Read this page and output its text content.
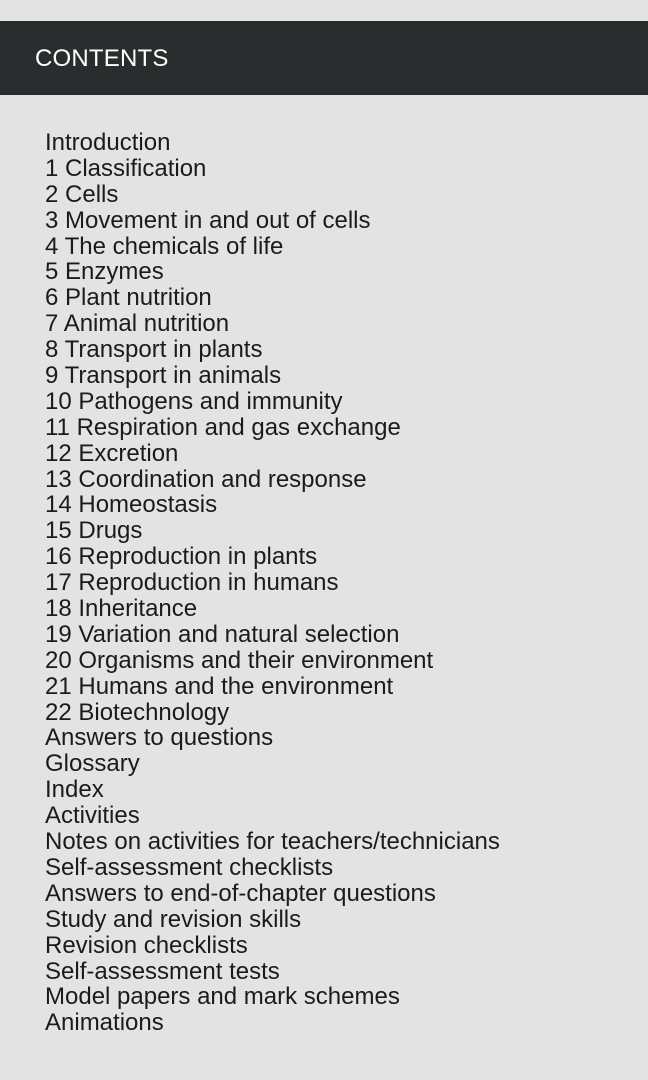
CONTENTS
Introduction
1 Classification
2 Cells
3 Movement in and out of cells
4 The chemicals of life
5 Enzymes
6 Plant nutrition
7 Animal nutrition
8 Transport in plants
9 Transport in animals
10 Pathogens and immunity
11 Respiration and gas exchange
12 Excretion
13 Coordination and response
14 Homeostasis
15 Drugs
16 Reproduction in plants
17 Reproduction in humans
18 Inheritance
19 Variation and natural selection
20 Organisms and their environment
21 Humans and the environment
22 Biotechnology
Answers to questions
Glossary
Index
Activities
Notes on activities for teachers/technicians
Self-assessment checklists
Answers to end-of-chapter questions
Study and revision skills
Revision checklists
Self-assessment tests
Model papers and mark schemes
Animations
